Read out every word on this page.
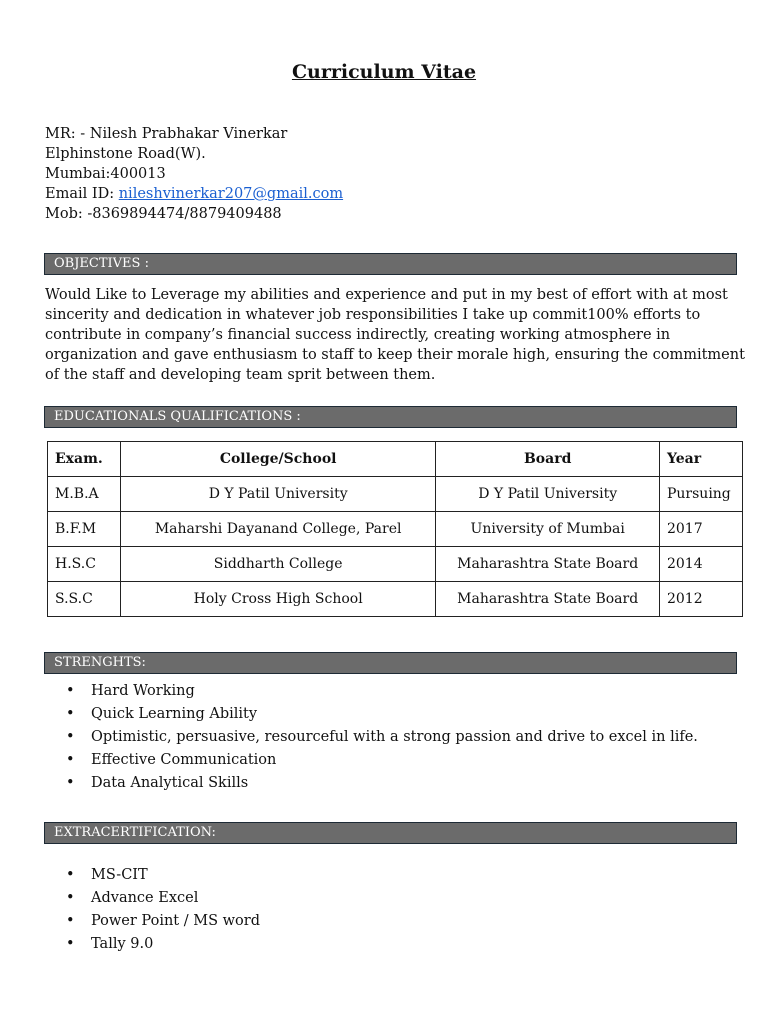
Curriculum Vitae
MR: - Nilesh Prabhakar Vinerkar
Elphinstone Road(W).
Mumbai:400013
Email ID: nileshvinerkar207@gmail.com
Mob: -8369894474/8879409488
OBJECTIVES :
Would Like to Leverage my abilities and experience and put in my best of effort with at most sincerity and dedication in whatever job responsibilities I take up commit100% efforts to contribute in company’s financial success indirectly, creating working atmosphere in organization and gave enthusiasm to staff to keep their morale high, ensuring the commitment of the staff and developing team sprit between them.
EDUCATIONALS QUALIFICATIONS :
Exam.	College/School	Board	Year
M.B.A	D Y Patil University	D Y Patil University	Pursuing
B.F.M	Maharshi Dayanand College, Parel	University of Mumbai	2017
H.S.C	Siddharth College	Maharashtra State Board	2014
S.S.C	Holy Cross High School	Maharashtra State Board	2012
STRENGHTS:
• Hard Working
• Quick Learning Ability
• Optimistic, persuasive, resourceful with a strong passion and drive to excel in life.
• Effective Communication
• Data Analytical Skills
EXTRACERTIFICATION:
• MS-CIT
• Advance Excel
• Power Point / MS word
• Tally 9.0
